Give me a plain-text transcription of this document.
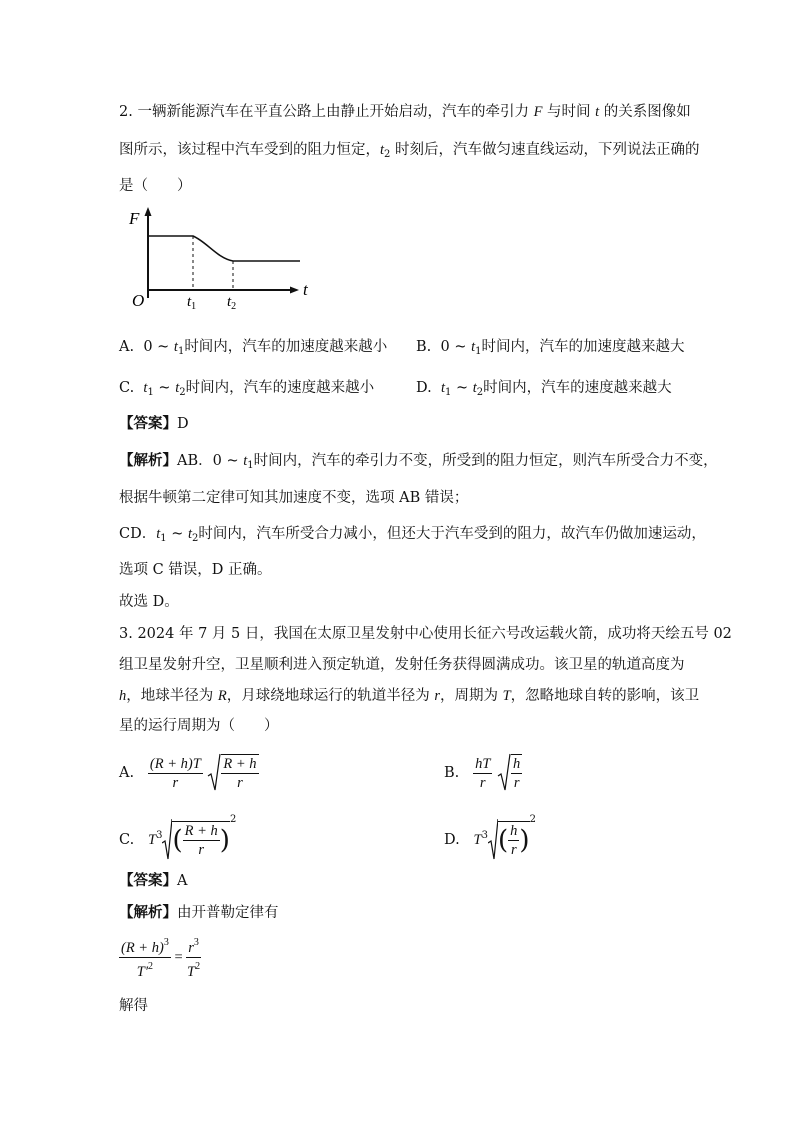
2. 一辆新能源汽车在平直公路上由静止开始启动，汽车的牵引力 F 与时间 t 的关系图像如
图所示，该过程中汽车受到的阻力恒定，$t_2$ 时刻后，汽车做匀速直线运动，下列说法正确的
是（　　）
F
O
t
$t_1$ $t_2$
A. 0 ~ $t_1$时间内，汽车的加速度越来越小 B. 0 ~ $t_1$时间内，汽车的加速度越来越大
C. $t_1$ ~ $t_2$时间内，汽车的速度越来越小	D. $t_1$ ~ $t_2$时间内，汽车的速度越来越大
【答案】D
【解析】AB．0 ~ $t_1$时间内，汽车的牵引力不变，所受到的阻力恒定，则汽车所受合力不变，
根据牛顿第二定律可知其加速度不变，选项 AB 错误；
CD．$t_1$ ~ $t_2$时间内，汽车所受合力减小，但还大于汽车受到的阻力，故汽车仍做加速运动，
选项 C 错误，D 正确。
故选 D。
3. 2024 年 7 月 5 日，我国在太原卫星发射中心使用长征六号改运载火箭，成功将天绘五号 02
组卫星发射升空，卫星顺利进入预定轨道，发射任务获得圆满成功。该卫星的轨道高度为
h，地球半径为 R，月球绕地球运行的轨道半径为 r，周期为 T，忽略地球自转的影响，该卫
星的运行周期为（　　）
A. $\frac{(R + h)T}{r}$
$\frac{R + h}{r}$	B. $\frac{hT}{r}$
$\frac{h}{r}$
C. $T^3$ ( $\frac{R + h}{r} )^2$
D. $T^3$ ( $\frac{h}{r} )^2$
【答案】A
【解析】由开普勒定律有
$\frac{(R + h)^3}{T'^2} = \frac{r^3}{T^2}$
解得
